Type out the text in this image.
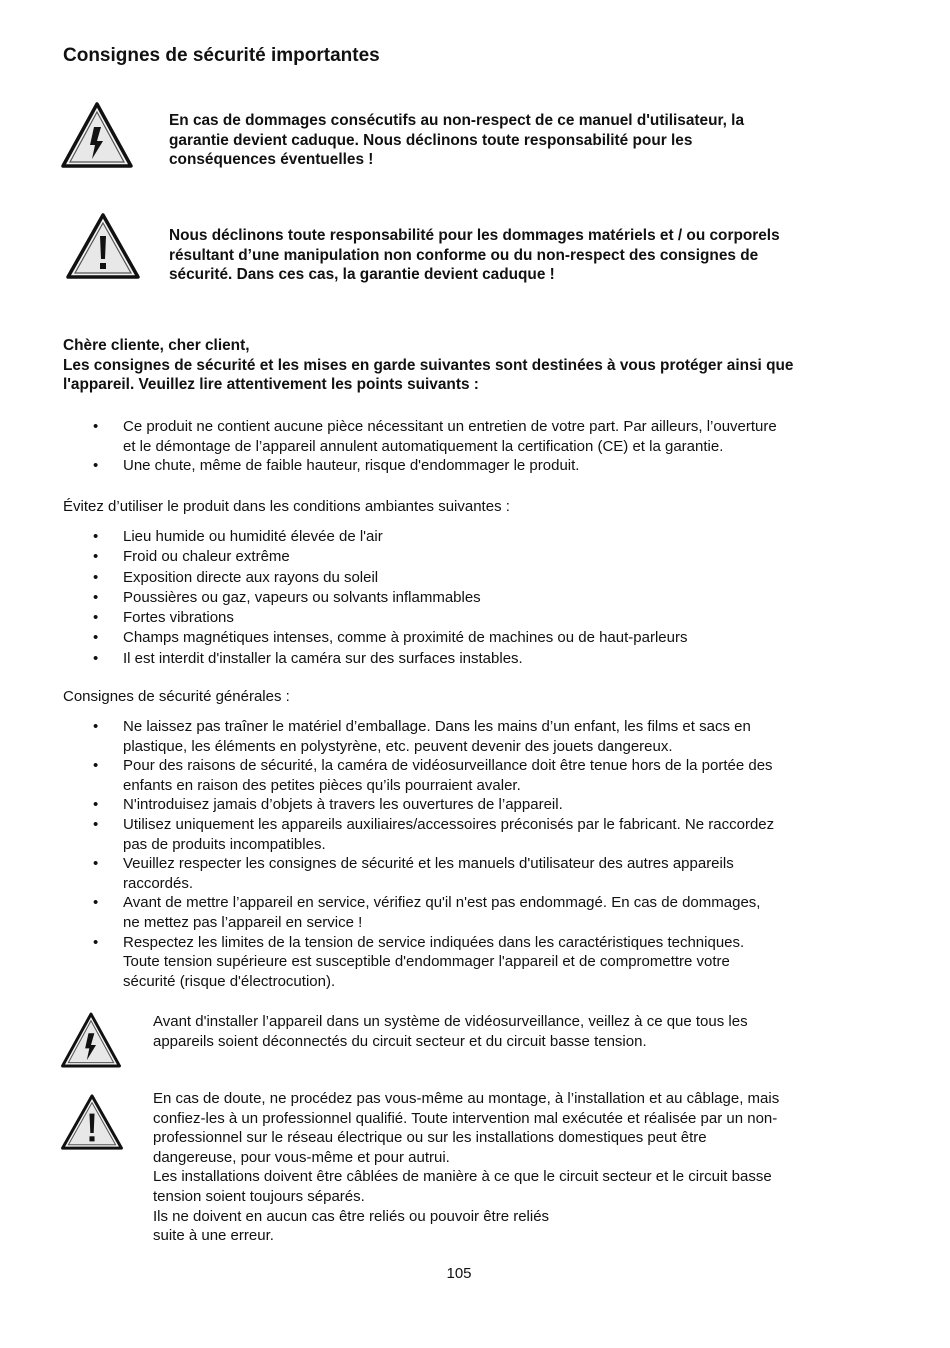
Consignes de sécurité importantes
En cas de dommages consécutifs au non-respect de ce manuel d'utilisateur, la
garantie devient caduque. Nous déclinons toute responsabilité pour les
conséquences éventuelles !
Nous déclinons toute responsabilité pour les dommages matériels et / ou corporels
résultant d’une manipulation non conforme ou du non-respect des consignes de
sécurité. Dans ces cas, la garantie devient caduque !
Chère cliente, cher client,
Les consignes de sécurité et les mises en garde suivantes sont destinées à vous protéger ainsi que
l'appareil. Veuillez lire attentivement les points suivants :
• Ce produit ne contient aucune pièce nécessitant un entretien de votre part. Par ailleurs, l’ouverture
et le démontage de l’appareil annulent automatiquement la certification (CE) et la garantie.
• Une chute, même de faible hauteur, risque d'endommager le produit.
Évitez d’utiliser le produit dans les conditions ambiantes suivantes :
• Lieu humide ou humidité élevée de l'air
• Froid ou chaleur extrême
• Exposition directe aux rayons du soleil
• Poussières ou gaz, vapeurs ou solvants inflammables
• Fortes vibrations
• Champs magnétiques intenses, comme à proximité de machines ou de haut-parleurs
• Il est interdit d'installer la caméra sur des surfaces instables.
Consignes de sécurité générales :
• Ne laissez pas traîner le matériel d’emballage. Dans les mains d’un enfant, les films et sacs en
plastique, les éléments en polystyrène, etc. peuvent devenir des jouets dangereux.
• Pour des raisons de sécurité, la caméra de vidéosurveillance doit être tenue hors de la portée des
enfants en raison des petites pièces qu’ils pourraient avaler.
• N'introduisez jamais d’objets à travers les ouvertures de l’appareil.
• Utilisez uniquement les appareils auxiliaires/accessoires préconisés par le fabricant. Ne raccordez
pas de produits incompatibles.
• Veuillez respecter les consignes de sécurité et les manuels d'utilisateur des autres appareils
raccordés.
• Avant de mettre l’appareil en service, vérifiez qu'il n'est pas endommagé. En cas de dommages,
ne mettez pas l’appareil en service !
• Respectez les limites de la tension de service indiquées dans les caractéristiques techniques.
Toute tension supérieure est susceptible d'endommager l'appareil et de compromettre votre
sécurité (risque d'électrocution).
Avant d'installer l’appareil dans un système de vidéosurveillance, veillez à ce que tous les
appareils soient déconnectés du circuit secteur et du circuit basse tension.
En cas de doute, ne procédez pas vous-même au montage, à l’installation et au câblage, mais
confiez-les à un professionnel qualifié. Toute intervention mal exécutée et réalisée par un non-
professionnel sur le réseau électrique ou sur les installations domestiques peut être
dangereuse, pour vous-même et pour autrui.
Les installations doivent être câblées de manière à ce que le circuit secteur et le circuit basse
tension soient toujours séparés.
Ils ne doivent en aucun cas être reliés ou pouvoir être reliés
suite à une erreur.
105
